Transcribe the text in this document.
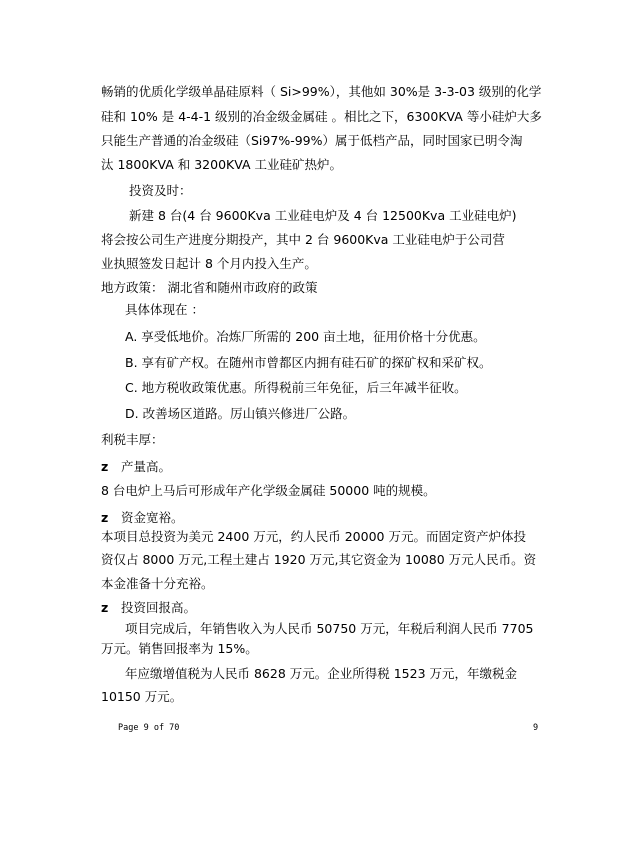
畅销的优质化学级单晶硅原料（ Si>99%），其他如 30%是 3-3-03 级别的化学
硅和 10% 是 4-4-1 级别的冶金级金属硅 。相比之下，6300KVA 等小硅炉大多
只能生产普通的冶金级硅（Si97%-99%）属于低档产品，同时国家已明令淘
汰 1800KVA 和 3200KVA 工业硅矿热炉。
投资及时：
新建 8 台(4 台 9600Kva 工业硅电炉及 4 台 12500Kva 工业硅电炉)
将会按公司生产进度分期投产，其中 2 台 9600Kva 工业硅电炉于公司营
业执照签发日起计 8 个月内投入生产。
地方政策： 湖北省和随州市政府的政策
具体体现在 ：
A. 享受低地价。冶炼厂所需的 200 亩土地，征用价格十分优惠。
B. 享有矿产权。在随州市曾都区内拥有硅石矿的探矿权和采矿权。
C. 地方税收政策优惠。所得税前三年免征，后三年减半征收。
D. 改善场区道路。厉山镇兴修进厂公路。
利税丰厚：
z 产量高。
8 台电炉上马后可形成年产化学级金属硅 50000 吨的规模。
z 资金宽裕。
本项目总投资为美元 2400 万元，约人民币 20000 万元。而固定资产炉体投
资仅占 8000 万元,工程土建占 1920 万元,其它资金为 10080 万元人民币。资
本金准备十分充裕。
z 投资回报高。
项目完成后，年销售收入为人民币 50750 万元，年税后利润人民币 7705
万元。销售回报率为 15%。
年应缴增值税为人民币 8628 万元。企业所得税 1523 万元，年缴税金
10150 万元。
Page 9 of 70	9
